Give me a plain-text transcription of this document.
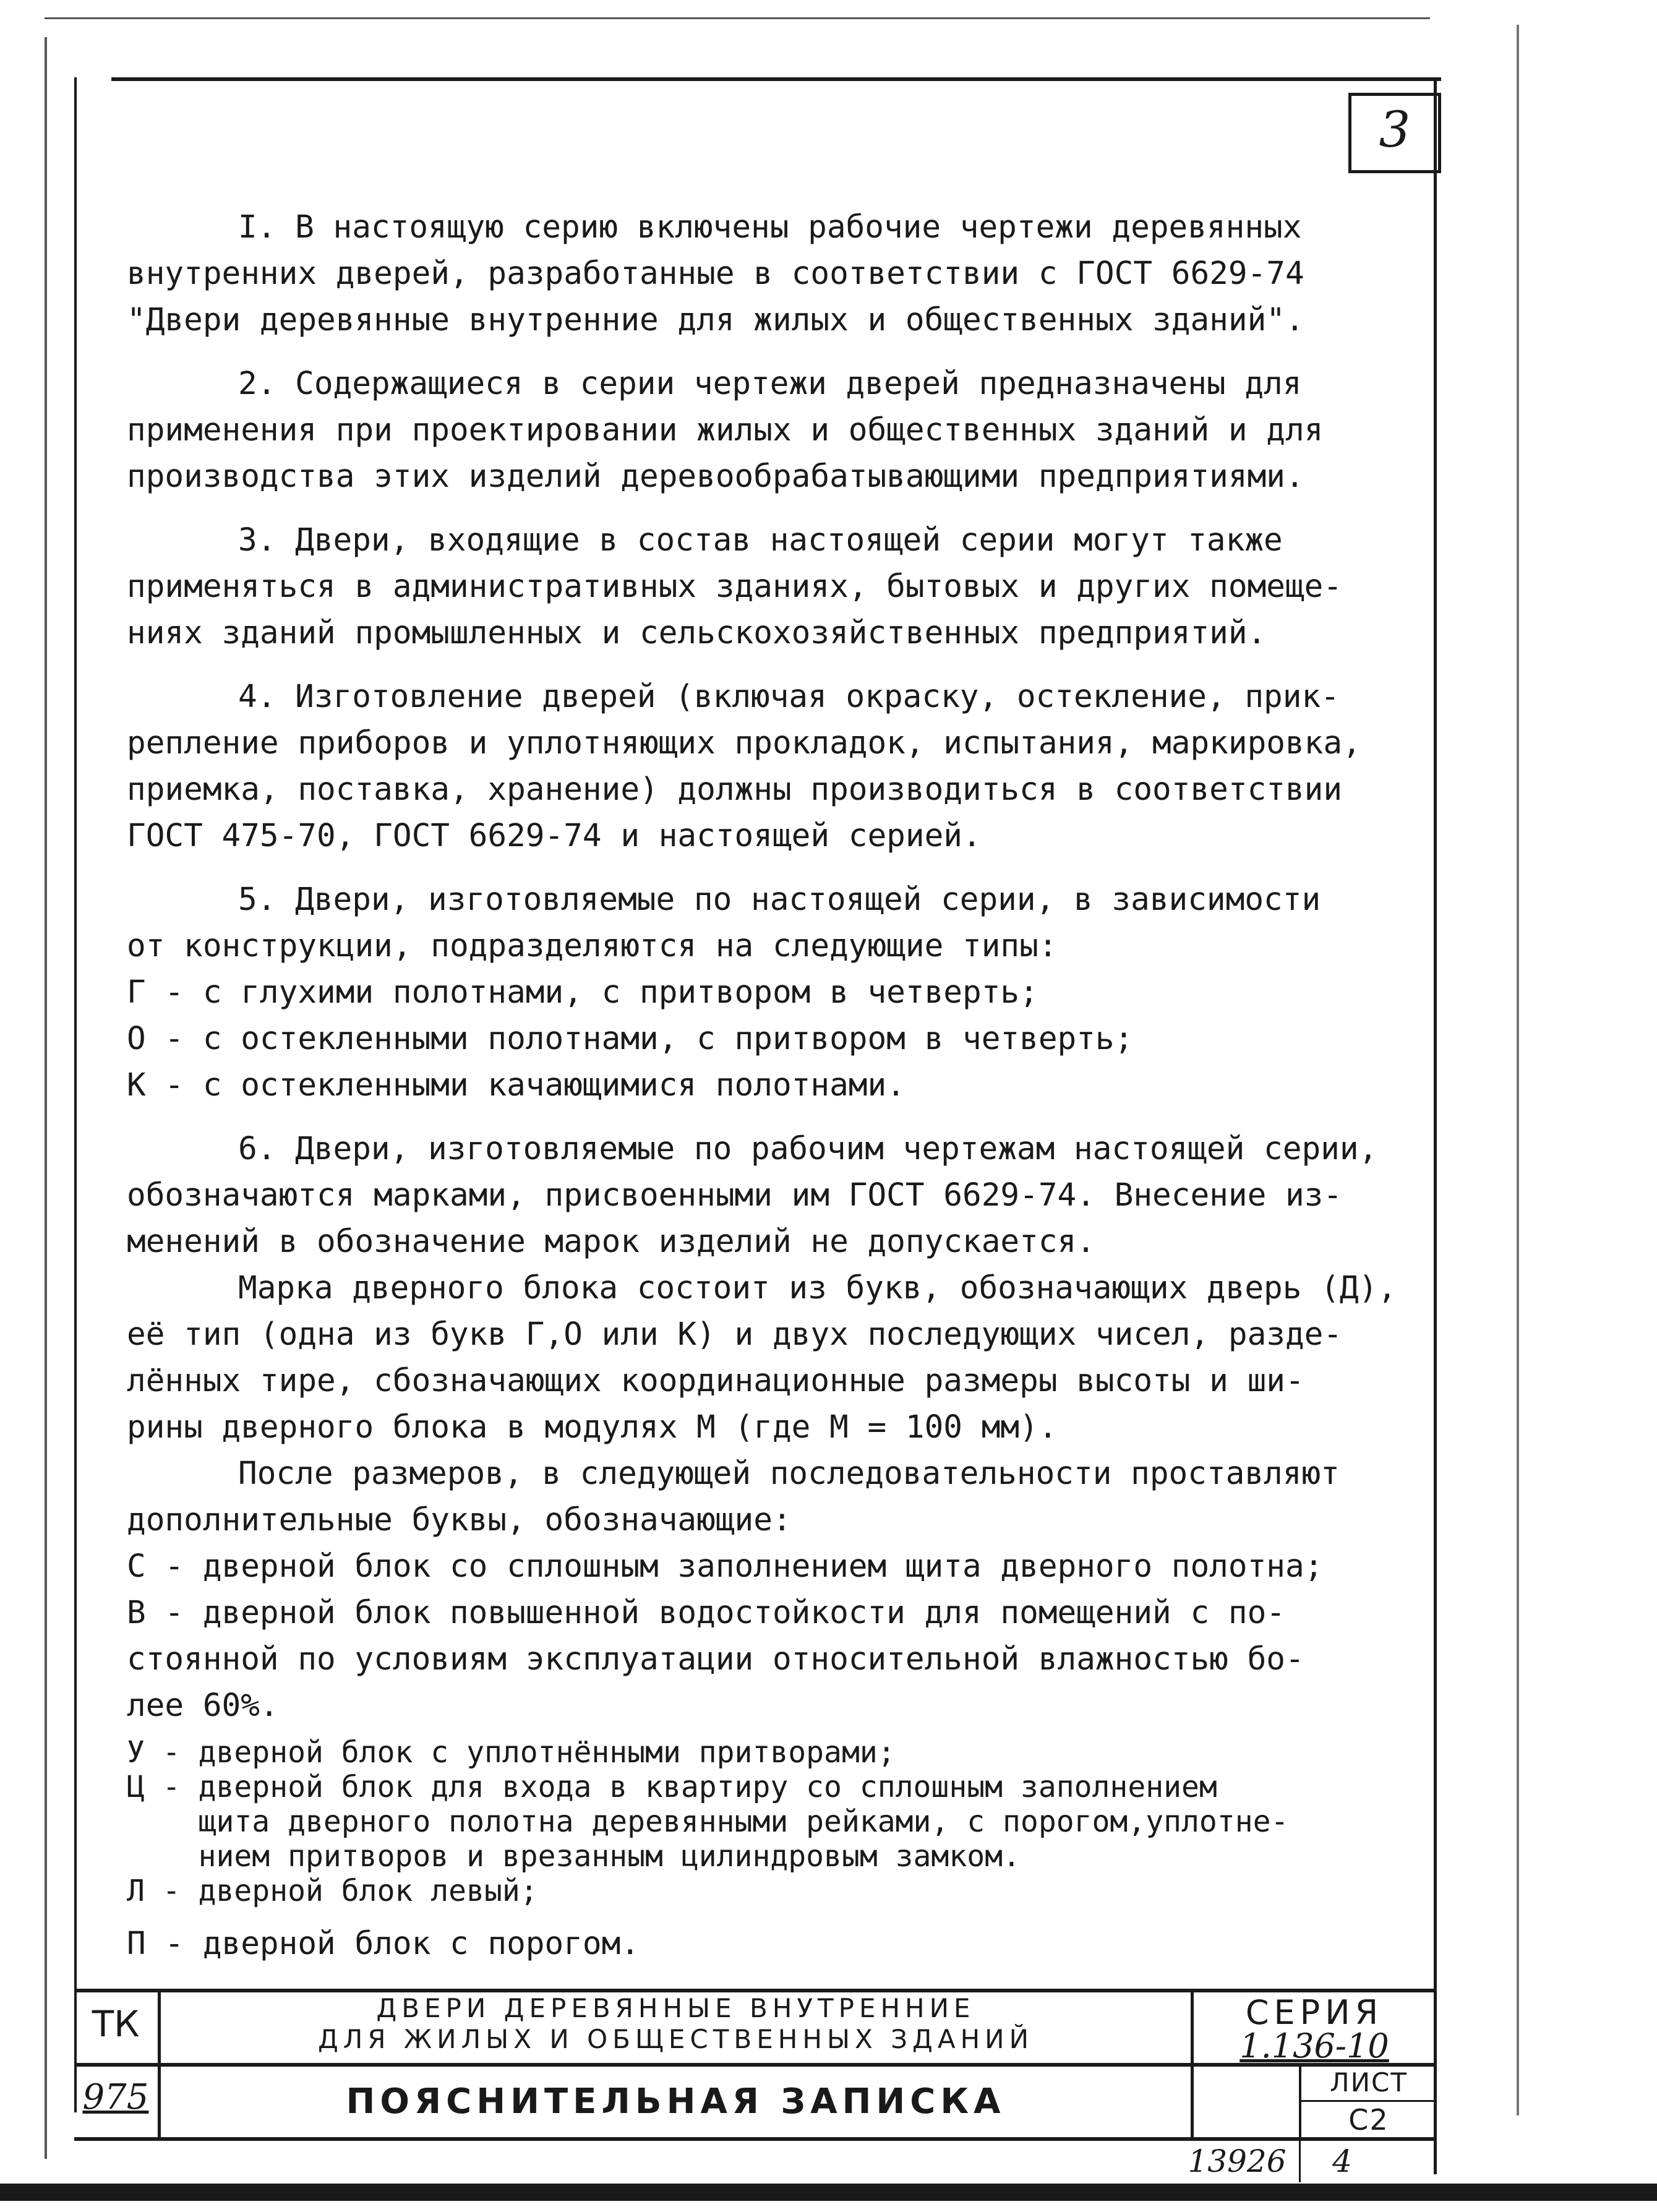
3
I. В настоящую серию включены рабочие чертежи деревянных
внутренних дверей, разработанные в соответствии с ГОСТ 6629-74
"Двери деревянные внутренние для жилых и общественных зданий".
2. Содержащиеся в серии чертежи дверей предназначены для
применения при проектировании жилых и общественных зданий и для
производства этих изделий деревообрабатывающими предприятиями.
3. Двери, входящие в состав настоящей серии могут также
применяться в административных зданиях, бытовых и других помеще-
ниях зданий промышленных и сельскохозяйственных предприятий.
4. Изготовление дверей (включая окраску, остекление, прик-
репление приборов и уплотняющих прокладок, испытания, маркировка,
приемка, поставка, хранение) должны производиться в соответствии
ГОСТ 475-70, ГОСТ 6629-74 и настоящей серией.
5. Двери, изготовляемые по настоящей серии, в зависимости
от конструкции, подразделяются на следующие типы:
Г - с глухими полотнами, с притвором в четверть;
О - с остекленными полотнами, с притвором в четверть;
К - с остекленными качающимися полотнами.
6. Двери, изготовляемые по рабочим чертежам настоящей серии,
обозначаются марками, присвоенными им ГОСТ 6629-74. Внесение из-
менений в обозначение марок изделий не допускается.
Марка дверного блока состоит из букв, обозначающих дверь (Д),
её тип (одна из букв Г,О или К) и двух последующих чисел, разде-
лённых тире, сбозначающих координационные размеры высоты и ши-
рины дверного блока в модулях М (где М = 100 мм).
После размеров, в следующей последовательности проставляют
дополнительные буквы, обозначающие:
С - дверной блок со сплошным заполнением щита дверного полотна;
В - дверной блок повышенной водостойкости для помещений с по-
стоянной по условиям эксплуатации относительной влажностью бо-
лее 60%.
У - дверной блок с уплотнёнными притворами;
Ц - дверной блок для входа в квартиру со сплошным заполнением
щита дверного полотна деревянными рейками, с порогом,уплотне-
нием притворов и врезанным цилиндровым замком.
Л - дверной блок левый;
П - дверной блок с порогом.
ТК
975
ДВЕРИ ДЕРЕВЯННЫЕ ВНУТРЕННИЕ
ДЛЯ ЖИЛЫХ И ОБЩЕСТВЕННЫХ ЗДАНИЙ
СЕРИЯ
1.136-10
ПОЯСНИТЕЛЬНАЯ ЗАПИСКА	ЛИСТ
С2
13926	4
